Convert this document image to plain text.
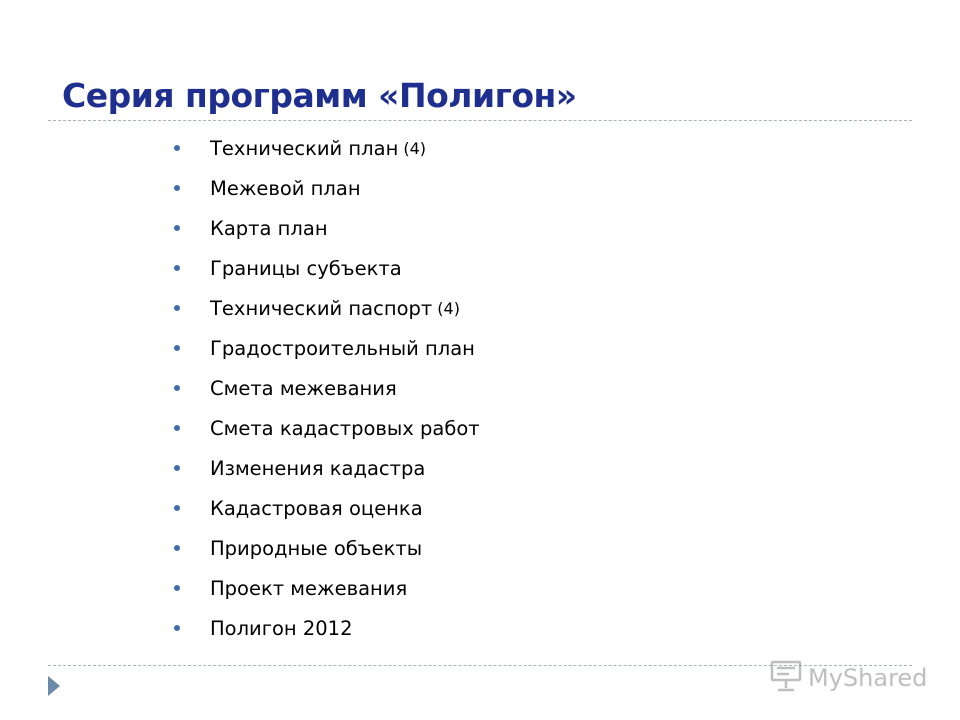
Серия программ «Полигон»
Технический план (4)
Межевой план
Карта план
Границы субъекта
Технический паспорт (4)
Градостроительный план
Смета межевания
Смета кадастровых работ
Изменения кадастра
Кадастровая оценка
Природные объекты
Проект межевания
Полигон 2012
MyShared
